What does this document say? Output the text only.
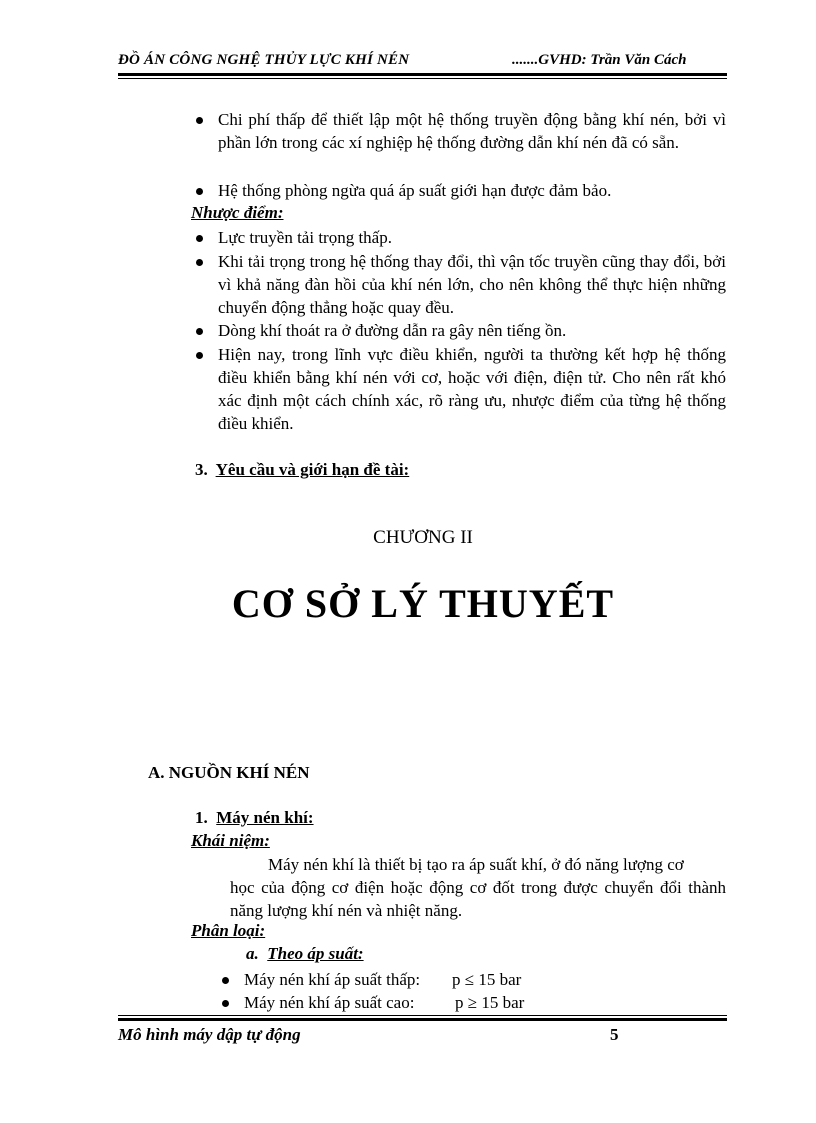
ĐỒ ÁN CÔNG NGHỆ THỦY LỰC KHÍ NÉN	.......GVHD: Trần Văn Cách
Chi phí thấp để thiết lập một hệ thống truyền động bằng khí nén, bởi vì phần lớn trong các xí nghiệp hệ thống đường dẫn khí nén đã có sẵn.
Hệ thống phòng ngừa quá áp suất giới hạn được đảm bảo.
Nhược điểm:
Lực truyền tải trọng thấp.
Khi tải trọng trong hệ thống thay đổi, thì vận tốc truyền cũng thay đổi, bởi vì khả năng đàn hồi của khí nén lớn, cho nên không thể thực hiện những chuyển động thẳng hoặc quay đều.
Dòng khí thoát ra ở đường dẫn ra gây nên tiếng ồn.
Hiện nay, trong lĩnh vực điều khiển, người ta thường kết hợp hệ thống điều khiển bằng khí nén với cơ, hoặc với điện, điện tử. Cho nên rất khó xác định một cách chính xác, rõ ràng ưu, nhược điểm của từng hệ thống điều khiển.
3. Yêu cầu và giới hạn đề tài:
CHƯƠNG II
CƠ SỞ LÝ THUYẾT
A. NGUỒN KHÍ NÉN
1. Máy nén khí:
Khái niệm:
Máy nén khí là thiết bị tạo ra áp suất khí, ở đó năng lượng cơ
học của động cơ điện hoặc động cơ đốt trong được chuyển đổi thành năng lượng khí nén và nhiệt năng.
Phân loại:
a. Theo áp suất:
Máy nén khí áp suất thấp: p ≤ 15 bar
Máy nén khí áp suất cao: p ≥ 15 bar
Mô hình máy dập tự động	5
